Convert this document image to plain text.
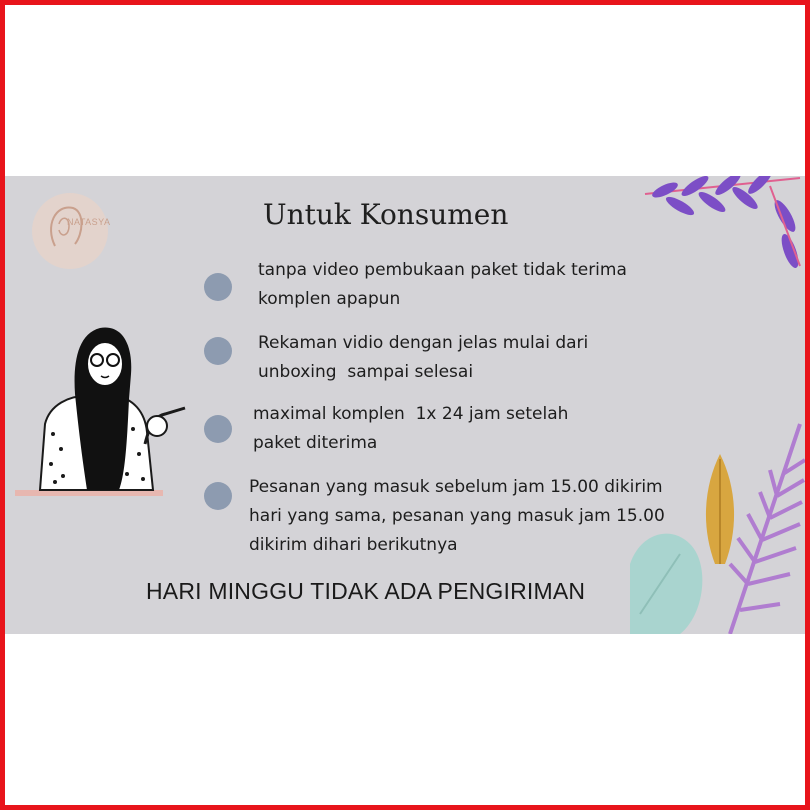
NATASYA	Untuk Konsumen
tanpa video pembukaan paket tidak terima
komplen apapun
Rekaman vidio dengan jelas mulai dari
unboxing  sampai selesai
maximal komplen  1x 24 jam setelah
paket diterima
Pesanan yang masuk sebelum jam 15.00 dikirim
hari yang sama, pesanan yang masuk jam 15.00
dikirim dihari berikutnya
HARI MINGGU TIDAK ADA PENGIRIMAN
